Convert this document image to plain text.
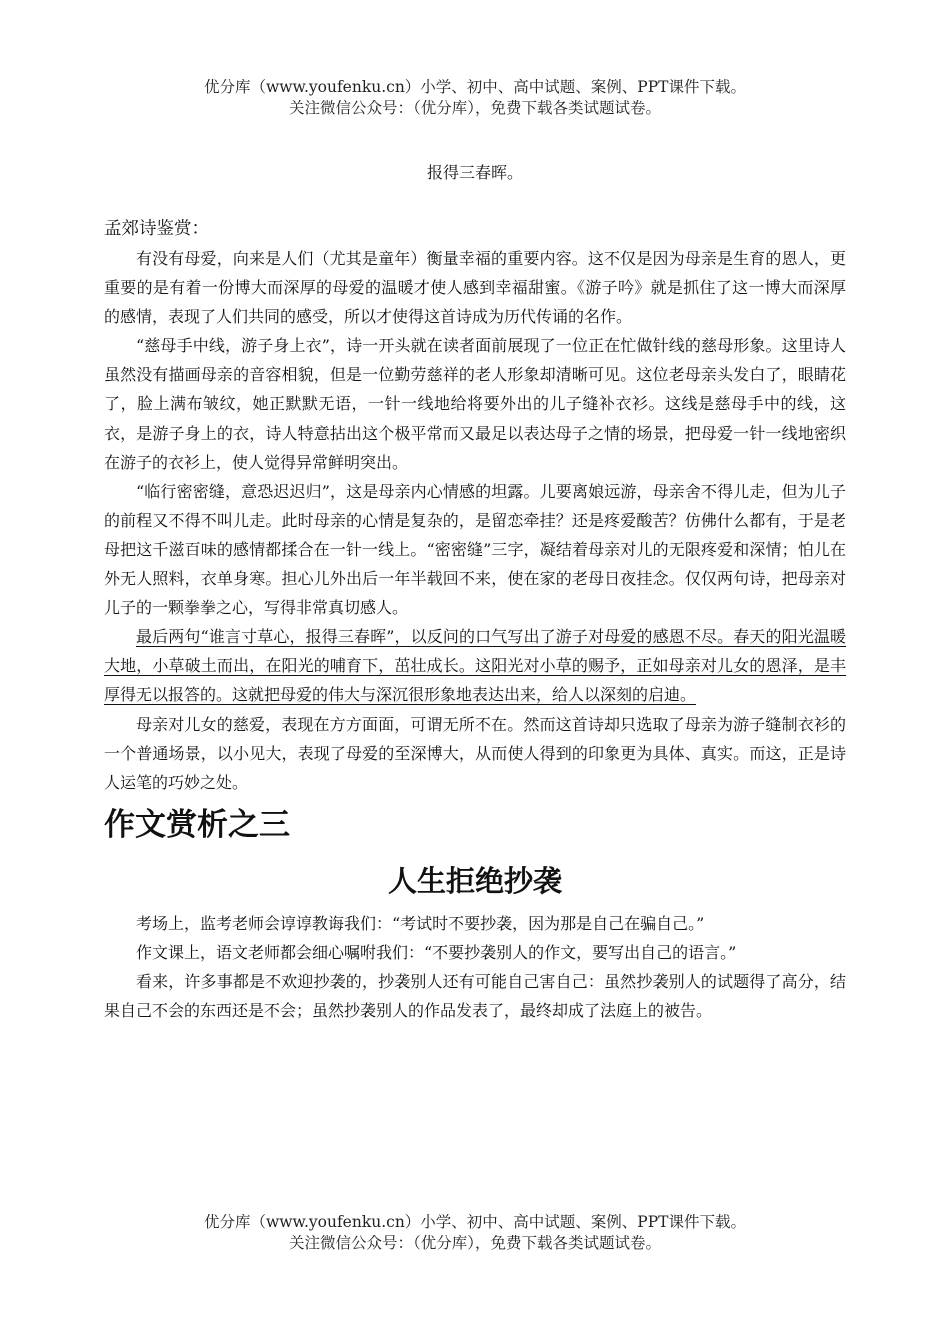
优分库（www.youfenku.cn）小学、初中、高中试题、案例、PPT课件下载。
关注微信公众号：（优分库），免费下载各类试题试卷。
报得三春晖。

孟郊诗鉴赏：

有没有母爱，向来是人们（尤其是童年）衡量幸福的重要内容。这不仅是因为母亲是生育的恩人，更重要的是有着一份博大而深厚的母爱的温暖才使人感到幸福甜蜜。《游子吟》就是抓住了这一博大而深厚的感情，表现了人们共同的感受，所以才使得这首诗成为历代传诵的名作。

“慈母手中线，游子身上衣”，诗一开头就在读者面前展现了一位正在忙做针线的慈母形象。这里诗人虽然没有描画母亲的音容相貌，但是一位勤劳慈祥的老人形象却清晰可见。这位老母亲头发白了，眼睛花了，脸上满布皱纹，她正默默无语，一针一线地给将要外出的儿子缝补衣衫。这线是慈母手中的线，这衣，是游子身上的衣，诗人特意拈出这个极平常而又最足以表达母子之情的场景，把母爱一针一线地密织在游子的衣衫上，使人觉得异常鲜明突出。

“临行密密缝，意恐迟迟归”，这是母亲内心情感的坦露。儿要离娘远游，母亲舍不得儿走，但为儿子的前程又不得不叫儿走。此时母亲的心情是复杂的，是留恋牵挂？还是疼爱酸苦？仿佛什么都有，于是老母把这千滋百味的感情都揉合在一针一线上。“密密缝”三字，凝结着母亲对儿的无限疼爱和深情；怕儿在外无人照料，衣单身寒。担心儿外出后一年半载回不来，使在家的老母日夜挂念。仅仅两句诗，把母亲对儿子的一颗拳拳之心，写得非常真切感人。

最后两句“谁言寸草心，报得三春晖”，以反问的口气写出了游子对母爱的感恩不尽。春天的阳光温暖大地，小草破土而出，在阳光的哺育下，茁壮成长。这阳光对小草的赐予，正如母亲对儿女的恩泽，是丰厚得无以报答的。这就把母爱的伟大与深沉很形象地表达出来，给人以深刻的启迪。

母亲对儿女的慈爱，表现在方方面面，可谓无所不在。然而这首诗却只选取了母亲为游子缝制衣衫的一个普通场景，以小见大，表现了母爱的至深博大，从而使人得到的印象更为具体、真实。而这，正是诗人运笔的巧妙之处。

作文赏析之三
人生拒绝抄袭

考场上，监考老师会谆谆教诲我们：“考试时不要抄袭，因为那是自己在骗自己。”

作文课上，语文老师都会细心嘱咐我们：“不要抄袭别人的作文，要写出自己的语言。”

看来，许多事都是不欢迎抄袭的，抄袭别人还有可能自己害自己：虽然抄袭别人的试题得了高分，结果自己不会的东西还是不会；虽然抄袭别人的作品发表了，最终却成了法庭上的被告。

优分库（www.youfenku.cn）小学、初中、高中试题、案例、PPT课件下载。
关注微信公众号：（优分库），免费下载各类试题试卷。
